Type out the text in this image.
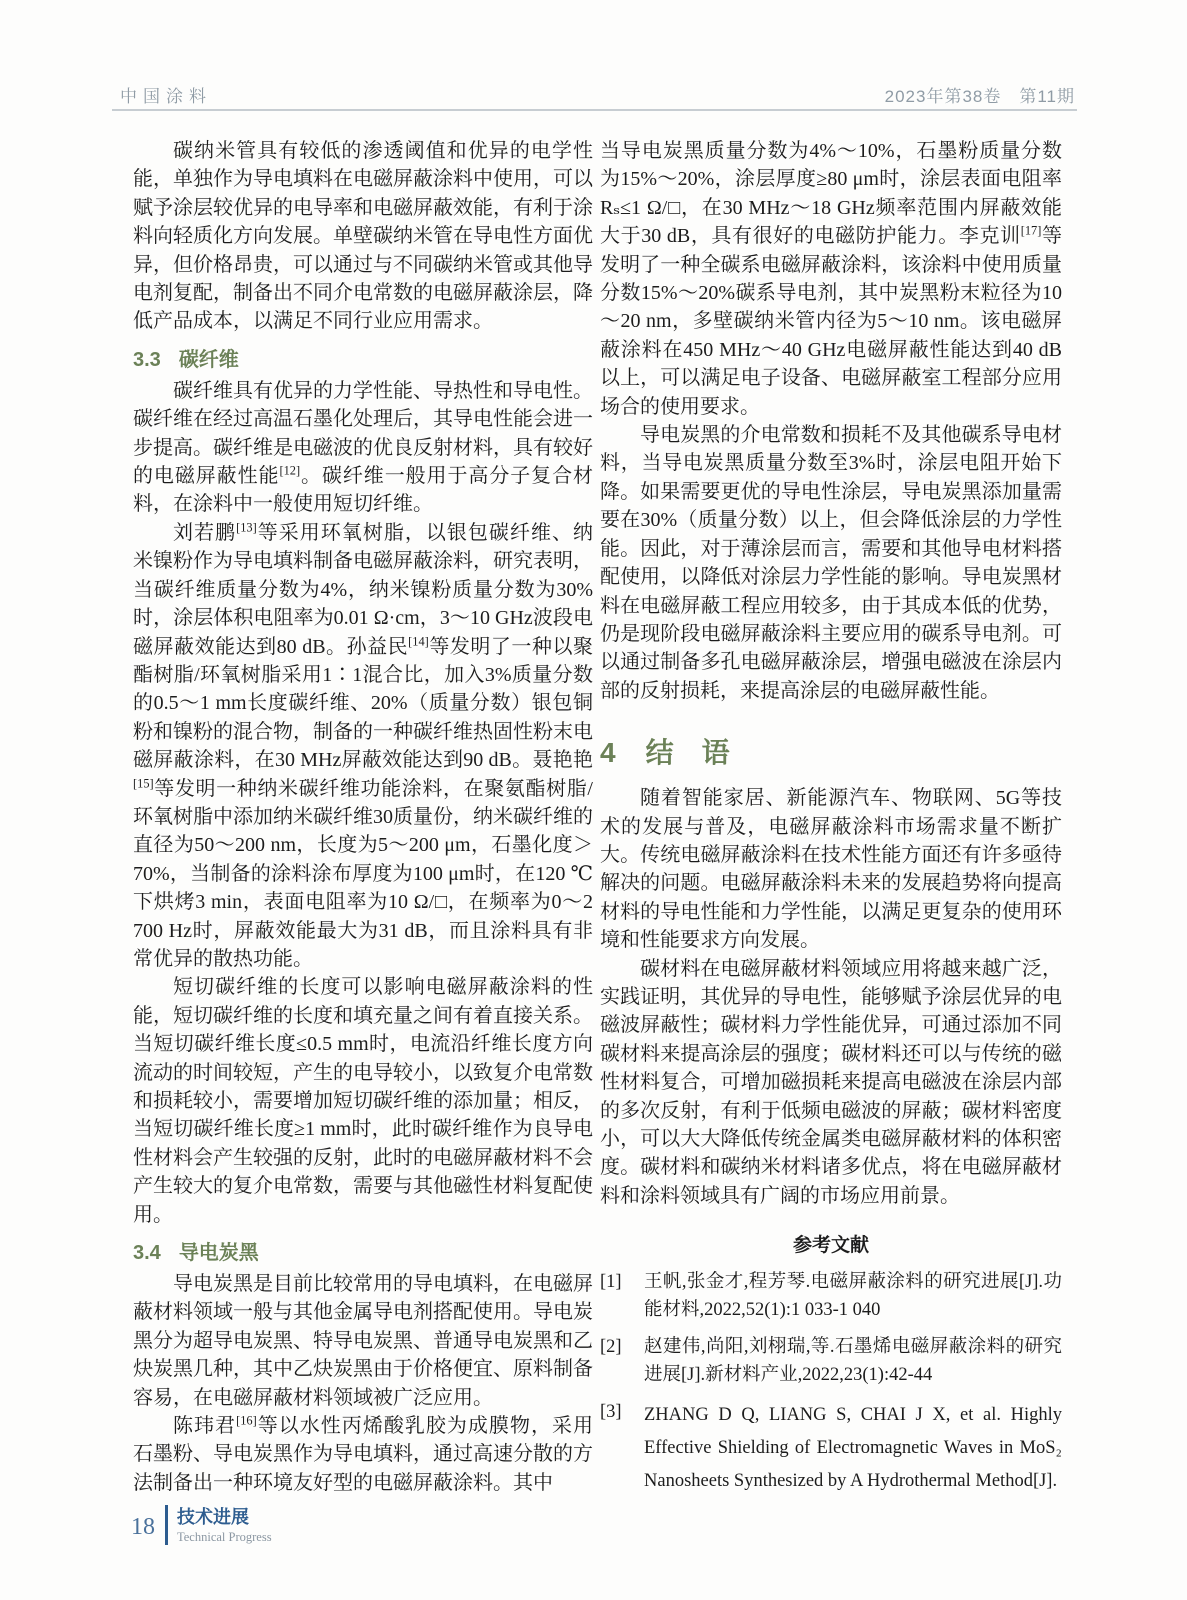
中国涂料	2023年第38卷　第11期

碳纳米管具有较低的渗透阈值和优异的电学性能，单独作为导电填料在电磁屏蔽涂料中使用，可以赋予涂层较优异的电导率和电磁屏蔽效能，有利于涂料向轻质化方向发展。单壁碳纳米管在导电性方面优异，但价格昂贵，可以通过与不同碳纳米管或其他导电剂复配，制备出不同介电常数的电磁屏蔽涂层，降低产品成本，以满足不同行业应用需求。

3.3 碳纤维

碳纤维具有优异的力学性能、导热性和导电性。碳纤维在经过高温石墨化处理后，其导电性能会进一步提高。碳纤维是电磁波的优良反射材料，具有较好的电磁屏蔽性能[12]。碳纤维一般用于高分子复合材料，在涂料中一般使用短切纤维。

刘若鹏[13]等采用环氧树脂，以银包碳纤维、纳米镍粉作为导电填料制备电磁屏蔽涂料，研究表明，当碳纤维质量分数为4%，纳米镍粉质量分数为30%时，涂层体积电阻率为0.01 Ω·cm，3～10 GHz波段电磁屏蔽效能达到80 dB。孙益民[14]等发明了一种以聚酯树脂/环氧树脂采用1∶1混合比，加入3%质量分数的0.5～1 mm长度碳纤维、20%（质量分数）银包铜粉和镍粉的混合物，制备的一种碳纤维热固性粉末电磁屏蔽涂料，在30 MHz屏蔽效能达到90 dB。聂艳艳[15]等发明一种纳米碳纤维功能涂料，在聚氨酯树脂/环氧树脂中添加纳米碳纤维30质量份，纳米碳纤维的直径为50～200 nm，长度为5～200 μm，石墨化度＞70%，当制备的涂料涂布厚度为100 μm时，在120 ℃下烘烤3 min，表面电阻率为10 Ω/□，在频率为0～2 700 Hz时，屏蔽效能最大为31 dB，而且涂料具有非常优异的散热功能。

短切碳纤维的长度可以影响电磁屏蔽涂料的性能，短切碳纤维的长度和填充量之间有着直接关系。当短切碳纤维长度≤0.5 mm时，电流沿纤维长度方向流动的时间较短，产生的电导较小，以致复介电常数和损耗较小，需要增加短切碳纤维的添加量；相反，当短切碳纤维长度≥1 mm时，此时碳纤维作为良导电性材料会产生较强的反射，此时的电磁屏蔽材料不会产生较大的复介电常数，需要与其他磁性材料复配使用。

3.4 导电炭黑

导电炭黑是目前比较常用的导电填料，在电磁屏蔽材料领域一般与其他金属导电剂搭配使用。导电炭黑分为超导电炭黑、特导电炭黑、普通导电炭黑和乙炔炭黑几种，其中乙炔炭黑由于价格便宜、原料制备容易，在电磁屏蔽材料领域被广泛应用。

陈玮君[16]等以水性丙烯酸乳胶为成膜物，采用石墨粉、导电炭黑作为导电填料，通过高速分散的方法制备出一种环境友好型的电磁屏蔽涂料。其中

当导电炭黑质量分数为4%～10%，石墨粉质量分数为15%～20%，涂层厚度≥80 μm时，涂层表面电阻率Rₛ≤1 Ω/□，在30 MHz～18 GHz频率范围内屏蔽效能大于30 dB，具有很好的电磁防护能力。李克训[17]等发明了一种全碳系电磁屏蔽涂料，该涂料中使用质量分数15%～20%碳系导电剂，其中炭黑粉末粒径为10～20 nm，多壁碳纳米管内径为5～10 nm。该电磁屏蔽涂料在450 MHz～40 GHz电磁屏蔽性能达到40 dB以上，可以满足电子设备、电磁屏蔽室工程部分应用场合的使用要求。

导电炭黑的介电常数和损耗不及其他碳系导电材料，当导电炭黑质量分数至3%时，涂层电阻开始下降。如果需要更优的导电性涂层，导电炭黑添加量需要在30%（质量分数）以上，但会降低涂层的力学性能。因此，对于薄涂层而言，需要和其他导电材料搭配使用，以降低对涂层力学性能的影响。导电炭黑材料在电磁屏蔽工程应用较多，由于其成本低的优势，仍是现阶段电磁屏蔽涂料主要应用的碳系导电剂。可以通过制备多孔电磁屏蔽涂层，增强电磁波在涂层内部的反射损耗，来提高涂层的电磁屏蔽性能。

4 结　语

随着智能家居、新能源汽车、物联网、5G等技术的发展与普及，电磁屏蔽涂料市场需求量不断扩大。传统电磁屏蔽涂料在技术性能方面还有许多亟待解决的问题。电磁屏蔽涂料未来的发展趋势将向提高材料的导电性能和力学性能，以满足更复杂的使用环境和性能要求方向发展。

碳材料在电磁屏蔽材料领域应用将越来越广泛，实践证明，其优异的导电性，能够赋予涂层优异的电磁波屏蔽性；碳材料力学性能优异，可通过添加不同碳材料来提高涂层的强度；碳材料还可以与传统的磁性材料复合，可增加磁损耗来提高电磁波在涂层内部的多次反射，有利于低频电磁波的屏蔽；碳材料密度小，可以大大降低传统金属类电磁屏蔽材料的体积密度。碳材料和碳纳米材料诸多优点，将在电磁屏蔽材料和涂料领域具有广阔的市场应用前景。

参考文献
[1]	王帆,张金才,程芳琴.电磁屏蔽涂料的研究进展[J].功能材料,2022,52(1):1 033-1 040
[2]	赵建伟,尚阳,刘栩瑞,等.石墨烯电磁屏蔽涂料的研究进展[J].新材料产业,2022,23(1):42-44
[3]	ZHANG D Q, LIANG S, CHAI J X, et al. Highly Effective Shielding of Electromagnetic Waves in MoS₂ Nanosheets Synthesized by A Hydrothermal Method[J].
18 技术进展
Technical Progress
